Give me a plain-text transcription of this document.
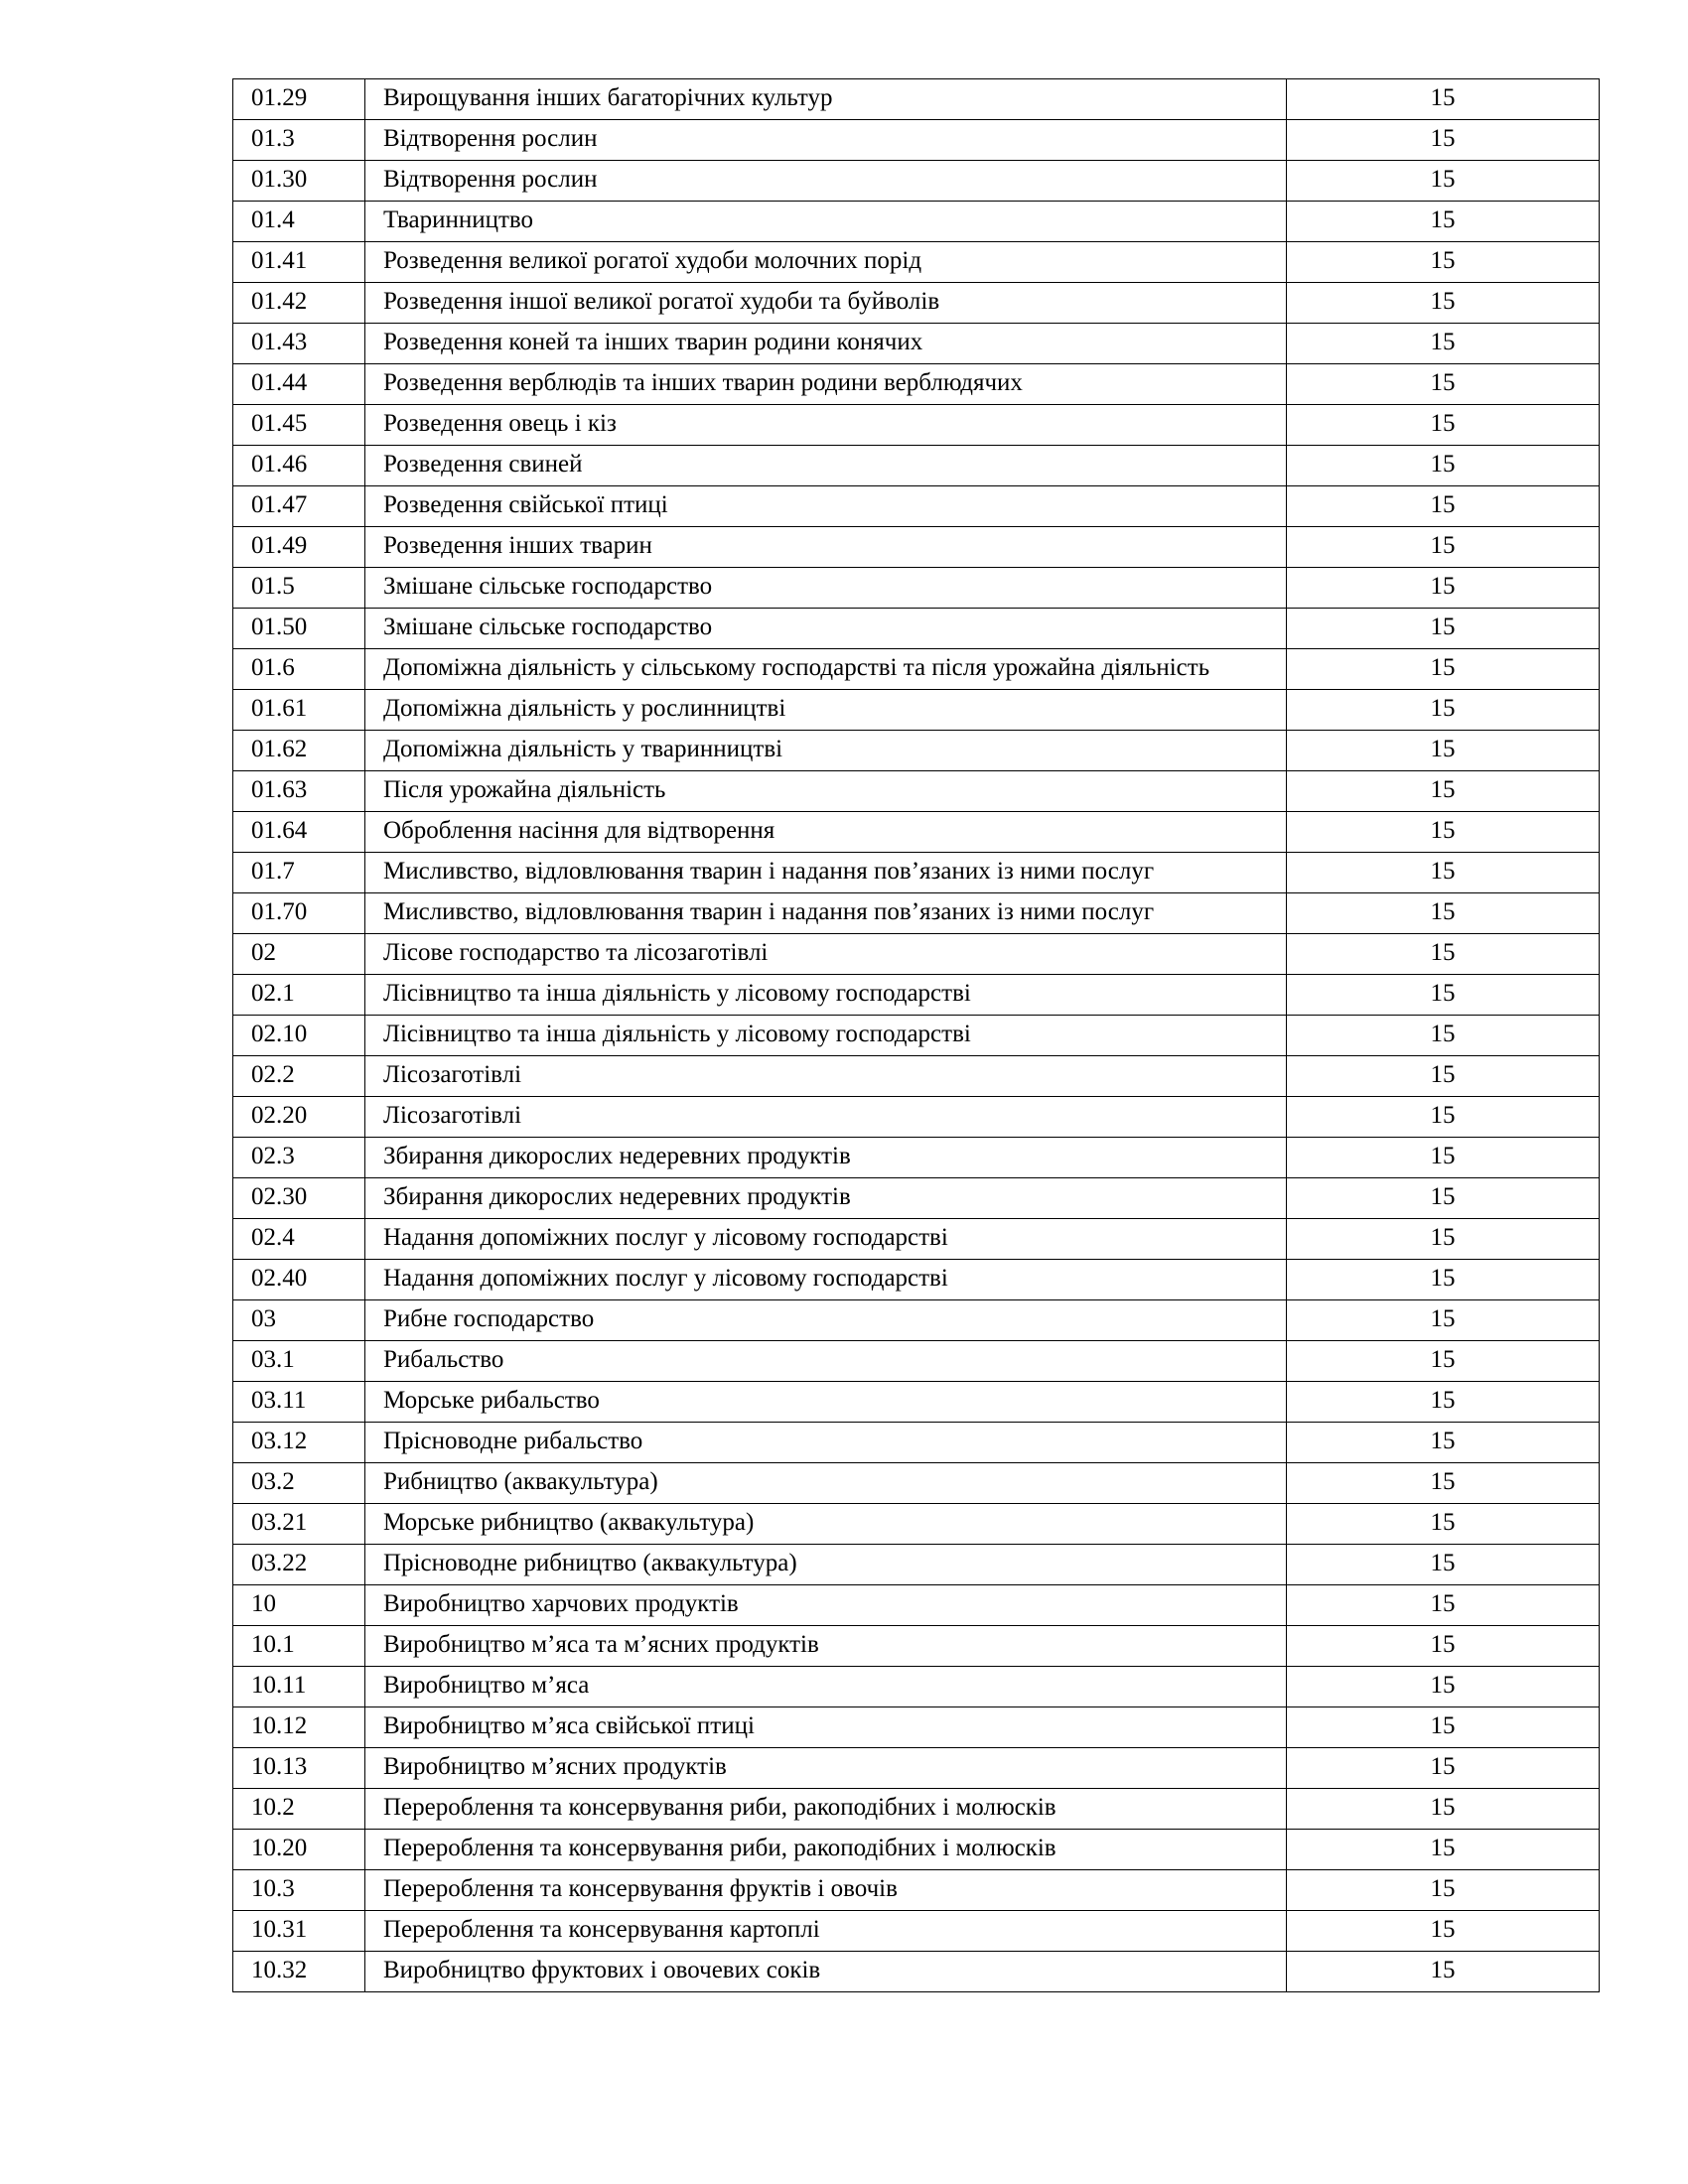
01.29	Вирощування інших багаторічних культур	15
01.3	Відтворення рослин	15
01.30	Відтворення рослин	15
01.4	Тваринництво	15
01.41	Розведення великої рогатої худоби молочних порід	15
01.42	Розведення іншої великої рогатої худоби та буйволів	15
01.43	Розведення коней та інших тварин родини конячих	15
01.44	Розведення верблюдів та інших тварин родини верблюдячих	15
01.45	Розведення овець і кіз	15
01.46	Розведення свиней	15
01.47	Розведення свійської птиці	15
01.49	Розведення інших тварин	15
01.5	Змішане сільське господарство	15
01.50	Змішане сільське господарство	15
01.6	Допоміжна діяльність у сільському господарстві та після урожайна діяльність	15
01.61	Допоміжна діяльність у рослинництві	15
01.62	Допоміжна діяльність у тваринництві	15
01.63	Після урожайна діяльність	15
01.64	Оброблення насіння для відтворення	15
01.7	Мисливство, відловлювання тварин і надання пов’язаних із ними послуг	15
01.70	Мисливство, відловлювання тварин і надання пов’язаних із ними послуг	15
02	Лісове господарство та лісозаготівлі	15
02.1	Лісівництво та інша діяльність у лісовому господарстві	15
02.10	Лісівництво та інша діяльність у лісовому господарстві	15
02.2	Лісозаготівлі	15
02.20	Лісозаготівлі	15
02.3	Збирання дикорослих недеревних продуктів	15
02.30	Збирання дикорослих недеревних продуктів	15
02.4	Надання допоміжних послуг у лісовому господарстві	15
02.40	Надання допоміжних послуг у лісовому господарстві	15
03	Рибне господарство	15
03.1	Рибальство	15
03.11	Морське рибальство	15
03.12	Прісноводне рибальство	15
03.2	Рибництво (аквакультура)	15
03.21	Морське рибництво (аквакультура)	15
03.22	Прісноводне рибництво (аквакультура)	15
10	Виробництво харчових продуктів	15
10.1	Виробництво м’яса та м’ясних продуктів	15
10.11	Виробництво м’яса	15
10.12	Виробництво м’яса свійської птиці	15
10.13	Виробництво м’ясних продуктів	15
10.2	Перероблення та консервування риби, ракоподібних і молюсків	15
10.20	Перероблення та консервування риби, ракоподібних і молюсків	15
10.3	Перероблення та консервування фруктів і овочів	15
10.31	Перероблення та консервування картоплі	15
10.32	Виробництво фруктових і овочевих соків	15
